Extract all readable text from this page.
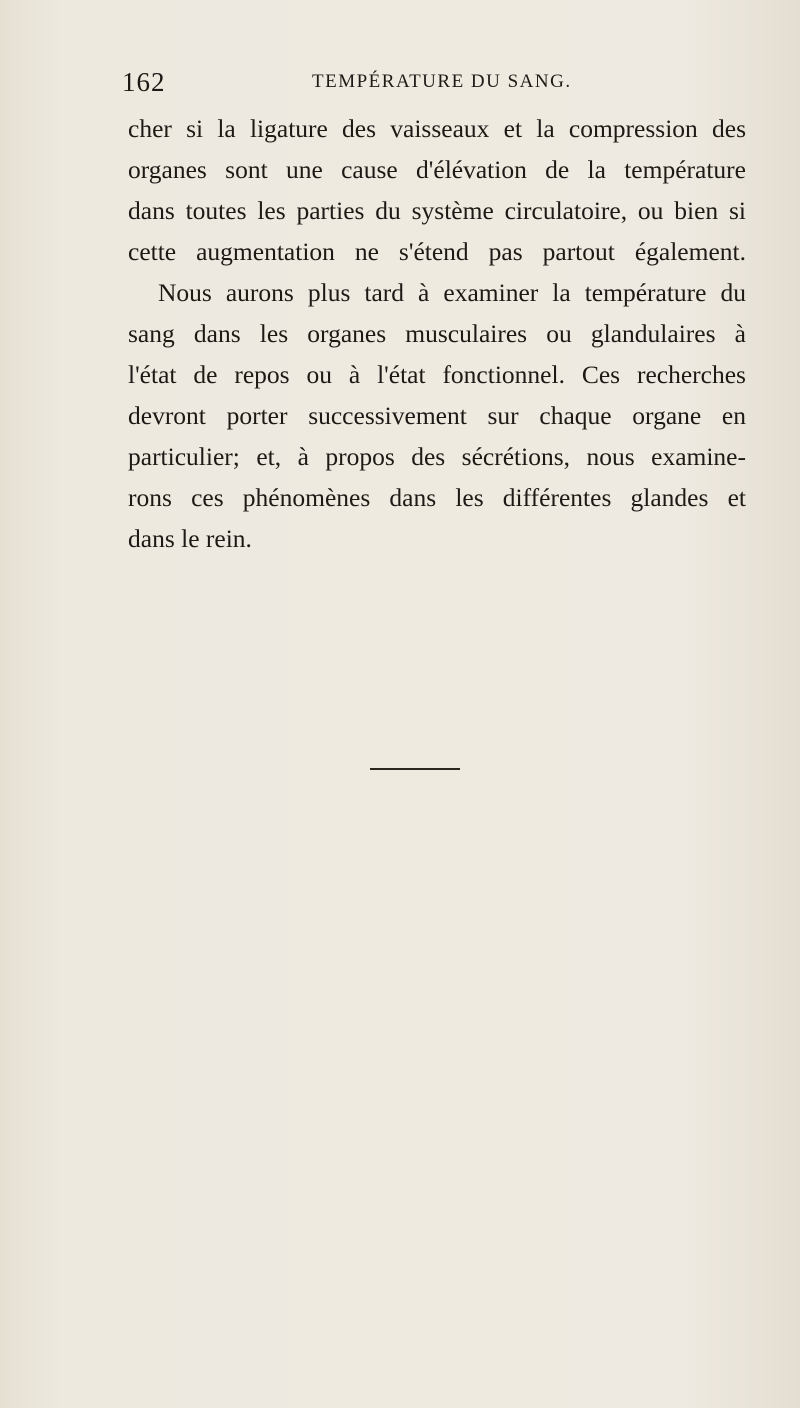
162	TEMPÉRATURE DU SANG.
cher si la ligature des vaisseaux et la compression des
organes sont une cause d'élévation de la température
dans toutes les parties du système circulatoire, ou bien si
cette augmentation ne s'étend pas partout également.
Nous aurons plus tard à examiner la température du
sang dans les organes musculaires ou glandulaires à
l'état de repos ou à l'état fonctionnel. Ces recherches
devront porter successivement sur chaque organe en
particulier; et, à propos des sécrétions, nous examine-
rons ces phénomènes dans les différentes glandes et
dans le rein.
